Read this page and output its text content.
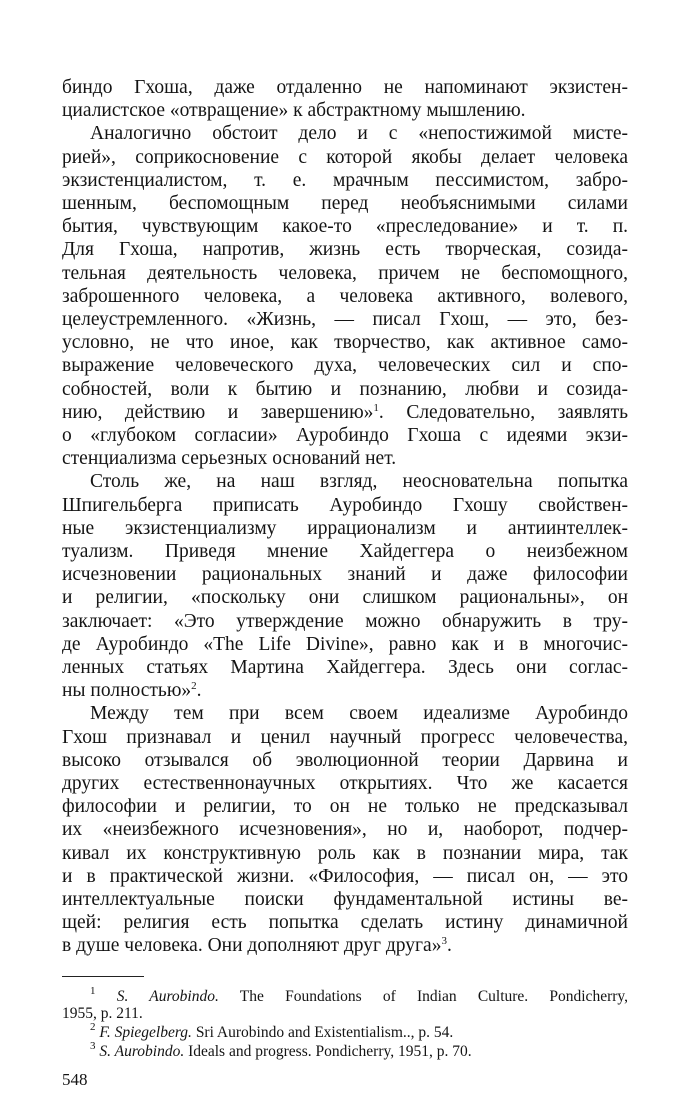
биндо Гхоша, даже отдаленно не напоминают экзистен-
циалистское «отвращение» к абстрактному мышлению.
Аналогично обстоит дело и с «непостижимой мисте-
рией», соприкосновение с которой якобы делает человека
экзистенциалистом, т. е. мрачным пессимистом, забро-
шенным, беспомощным перед необъяснимыми силами
бытия, чувствующим какое-то «преследование» и т. п.
Для Гхоша, напротив, жизнь есть творческая, созида-
тельная деятельность человека, причем не беспомощного,
заброшенного человека, а человека активного, волевого,
целеустремленного. «Жизнь, — писал Гхош, — это, без-
условно, не что иное, как творчество, как активное само-
выражение человеческого духа, человеческих сил и спо-
собностей, воли к бытию и познанию, любви и созида-
нию, действию и завершению»$^1$. Следовательно, заявлять
о «глубоком согласии» Ауробиндо Гхоша с идеями экзи-
стенциализма серьезных оснований нет.
Столь же, на наш взгляд, неосновательна попытка
Шпигельберга приписать Ауробиндо Гхошу свойствен-
ные экзистенциализму иррационализм и антиинтеллек-
туализм. Приведя мнение Хайдеггера о неизбежном
исчезновении рациональных знаний и даже философии
и религии, «поскольку они слишком рациональны», он
заключает: «Это утверждение можно обнаружить в тру-
де Ауробиндо «The Life Divine», равно как и в многочис-
ленных статьях Мартина Хайдеггера. Здесь они соглас-
ны полностью»$^2$.
Между тем при всем своем идеализме Ауробиндо
Гхош признавал и ценил научный прогресс человечества,
высоко отзывался об эволюционной теории Дарвина и
других естественнонаучных открытиях. Что же касается
философии и религии, то он не только не предсказывал
их «неизбежного исчезновения», но и, наоборот, подчер-
кивал их конструктивную роль как в познании мира, так
и в практической жизни. «Философия, — писал он, — это
интеллектуальные поиски фундаментальной истины ве-
щей: религия есть попытка сделать истину динамичной
в душе человека. Они дополняют друг друга»$^3$.
$^1$ S. Aurobindo. The Foundations of Indian Culture. Pondicherry,
1955, p. 211.
$^2$ F. Spiegelberg. Sri Aurobindo and Existentialism.., p. 54.
$^3$ S. Aurobindo. Ideals and progress. Pondicherry, 1951, p. 70.
548
